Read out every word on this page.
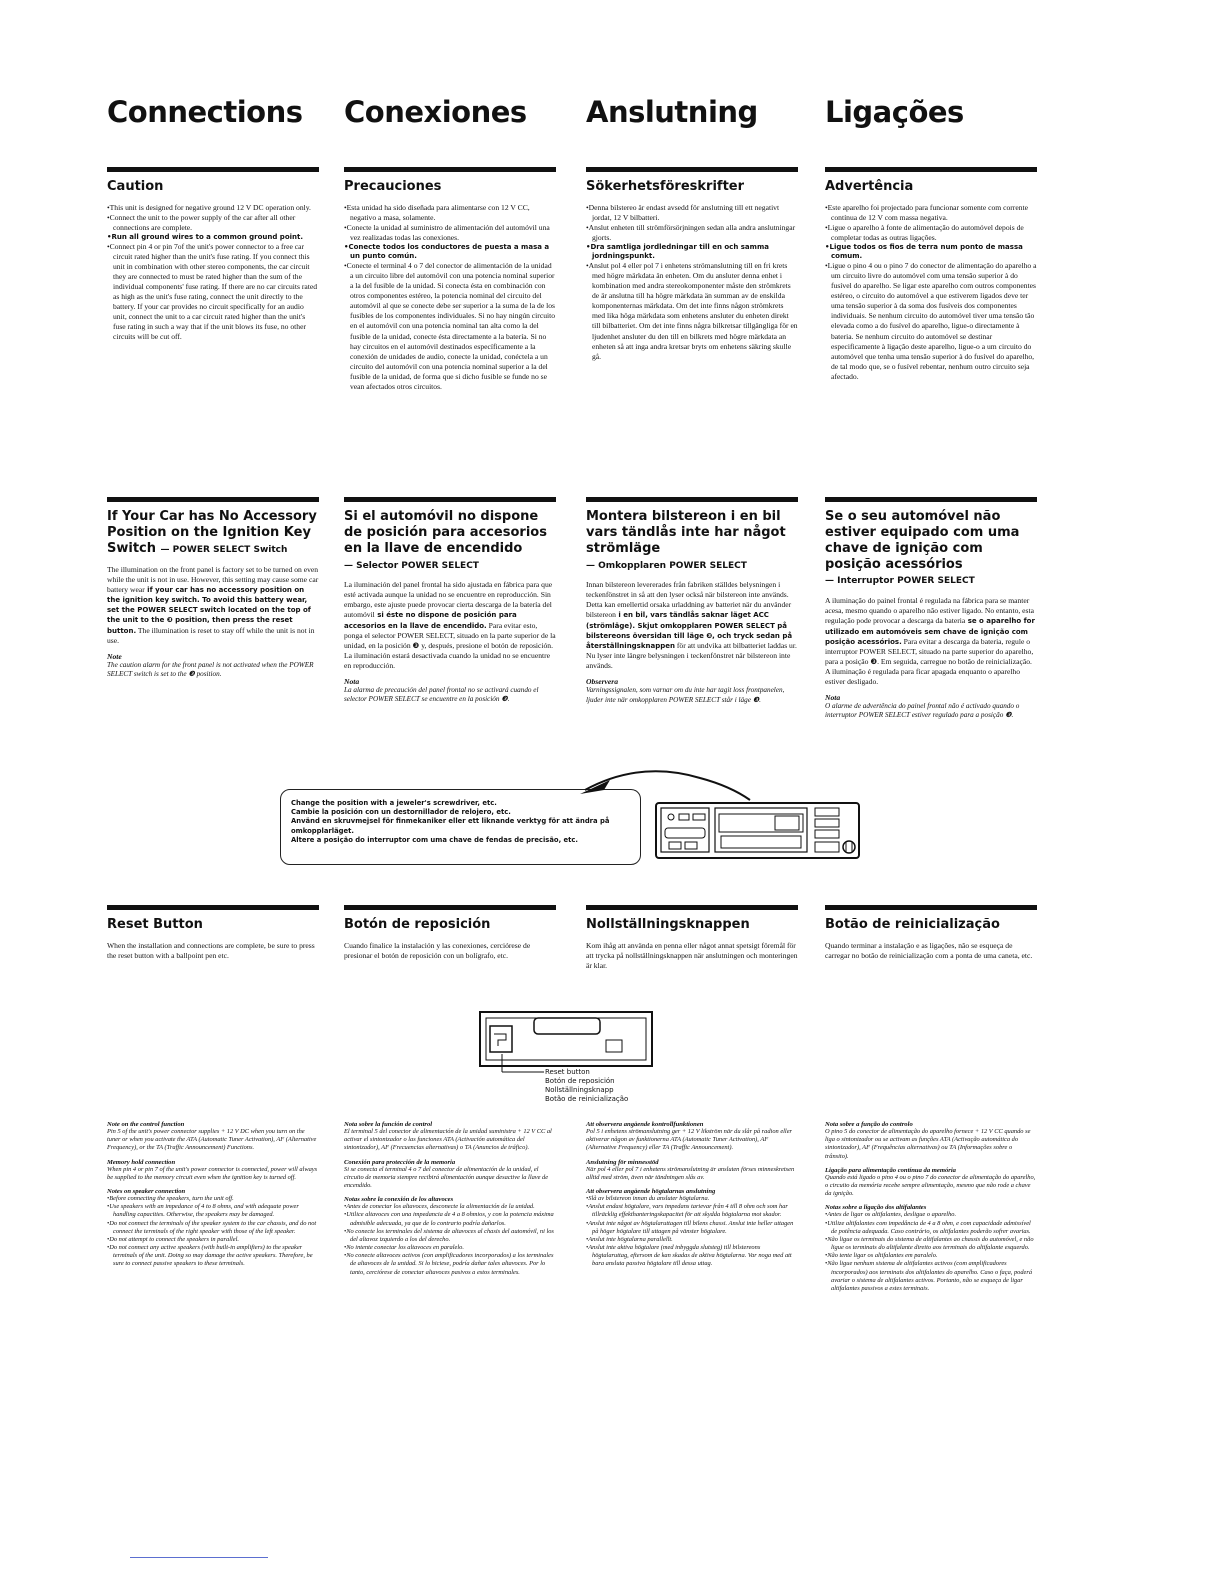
Connections Conexiones Anslutning Ligações
Caution
• This unit is designed for negative ground 12 V DC operation only.
• Connect the unit to the power supply of the car after all other connections are complete.
• Run all ground wires to a common ground point.
• Connect pin 4 or pin 7of the unit's power connector to a free car circuit rated higher than the unit's fuse rating. If you connect this unit in combination with other stereo components, the car circuit they are connected to must be rated higher than the sum of the individual components' fuse rating. If there are no car circuits rated as high as the unit's fuse rating, connect the unit directly to the battery. If your car provides no circuit specifically for an audio unit, connect the unit to a car circuit rated higher than the unit's fuse rating in such a way that if the unit blows its fuse, no other circuits will be cut off.
Precauciones
• Esta unidad ha sido diseñada para alimentarse con 12 V CC, negativo a masa, solamente.
• Conecte la unidad al suministro de alimentación del automóvil una vez realizadas todas las conexiones.
• Conecte todos los conductores de puesta a masa a un punto común.
• Conecte el terminal 4 o 7 del conector de alimentación de la unidad a un circuito libre del automóvil con una potencia nominal superior a la del fusible de la unidad. Si conecta ésta en combinación con otros componentes estéreo, la potencia nominal del circuito del automóvil al que se conecte debe ser superior a la suma de la de los fusibles de los componentes individuales. Si no hay ningún circuito en el automóvil con una potencia nominal tan alta como la del fusible de la unidad, conecte ésta directamente a la batería. Si no hay circuitos en el automóvil destinados específicamente a la conexión de unidades de audio, conecte la unidad, conéctela a un circuito del automóvil con una potencia nominal superior a la del fusible de la unidad, de forma que si dicho fusible se funde no se vean afectados otros circuitos.
Sökerhetsföreskrifter
• Denna bilstereo är endast avsedd för anslutning till ett negativt jordat, 12 V bilbatteri.
• Anslut enheten till strömförsörjningen sedan alla andra anslutningar gjorts.
• Dra samtliga jordledningar till en och samma jordningspunkt.
• Anslut pol 4 eller pol 7 i enhetens strömanslutning till en fri krets med högre märkdata än enheten. Om du ansluter denna enhet i kombination med andra stereokomponenter måste den strömkrets de är anslutna till ha högre märkdata än summan av de enskilda komponenternas märkdata. Om det inte finns någon strömkrets med lika höga märkdata som enhetens ansluter du enheten direkt till bilbatteriet. Om det inte finns några bilkretsar tillgängliga för en ljudenhet ansluter du den till en bilkrets med högre märkdata an enheten så att inga andra kretsar bryts om enhetens säkring skulle gå.
Advertência
• Este aparelho foi projectado para funcionar somente com corrente contínua de 12 V com massa negativa.
• Ligue o aparelho à fonte de alimentação do automóvel depois de completar todas as outras ligações.
• Ligue todos os fios de terra num ponto de massa comum.
• Ligue o pino 4 ou o pino 7 do conector de alimentação do aparelho a um circuito livre do automóvel com uma tensão superior à do fusível do aparelho. Se ligar este aparelho com outros componentes estéreo, o circuito do automóvel a que estiverem ligados deve ter uma tensão superior à da soma dos fusíveis dos componentes individuais. Se nenhum circuito do automóvel tiver uma tensão tão elevada como a do fusível do aparelho, ligue-o directamente à bateria. Se nenhum circuito do automóvel se destinar especificamente à ligação deste aparelho, ligue-o a um circuito do automóvel que tenha uma tensão superior à do fusível do aparelho, de tal modo que, se o fusível rebentar, nenhum outro circuito seja afectado.
If Your Car has No Accessory Position on the Ignition Key Switch — POWER SELECT Switch

The illumination on the front panel is factory set to be turned on even while the unit is not in use. However, this setting may cause some car battery wear if your car has no accessory position on the ignition key switch. To avoid this battery wear, set the POWER SELECT switch located on the top of the unit to the ❸ position, then press the reset button. The illumination is reset to stay off while the unit is not in use.

Note
The caution alarm for the front panel is not activated when the POWER SELECT switch is set to the ❸ position.
Si el automóvil no dispone de posición para accesorios en la llave de encendido
— Selector POWER SELECT

La iluminación del panel frontal ha sido ajustada en fábrica para que esté activada aunque la unidad no se encuentre en reproducción. Sin embargo, este ajuste puede provocar cierta descarga de la batería del automóvil si éste no dispone de posición para accesorios en la llave de encendido. Para evitar esto, ponga el selector POWER SELECT, situado en la parte superior de la unidad, en la posición ❸ y, después, presione el botón de reposición. La iluminación estará desactivada cuando la unidad no se encuentre en reproducción.

Nota
La alarma de precaución del panel frontal no se activará cuando el selector POWER SELECT se encuentre en la posición ❸.
Montera bilstereon i en bil vars tändlås inte har något strömläge
— Omkopplaren POWER SELECT

Innan bilstereon levererades från fabriken ställdes belysningen i teckenfönstret in så att den lyser också när bilstereon inte används. Detta kan emellertid orsaka urladdning av batteriet när du använder bilstereon i en bil, vars tändlås saknar läget ACC (strömläge). Skjut omkopplaren POWER SELECT på bilstereons översidan till läge ❸, och tryck sedan på återställningsknappen för att undvika att bilbatteriet laddas ur. Nu lyser inte längre belysningen i teckenfönstret när bilstereon inte används.

Observera
Varningssignalen, som varnar om du inte har tagit loss frontpanelen, ljuder inte när omkopplaren POWER SELECT står i läge ❸.
Se o seu automóvel não estiver equipado com uma chave de ignição com posição acessórios
— Interruptor POWER SELECT

A iluminação do painel frontal é regulada na fábrica para se manter acesa, mesmo quando o aparelho não estiver ligado. No entanto, esta regulação pode provocar a descarga da bateria se o aparelho for utilizado em automóveis sem chave de ignição com posição acessórios. Para evitar a descarga da bateria, regule o interruptor POWER SELECT, situado na parte superior do aparelho, para a posição ❸. Em seguida, carregue no botão de reinicialização. A iluminação é regulada para ficar apagada enquanto o aparelho estiver desligado.

Nota
O alarme de advertência do painel frontal não é activado quando o interruptor POWER SELECT estiver regulado para a posição ❸.

Change the position with a jeweler's screwdriver, etc.

Cambie la posición con un destornillador de relojero, etc.

Använd en skruvmejsel för finmekaniker eller ett liknande verktyg för att ändra på omkopplarläget.

Altere a posição do interruptor com uma chave de fendas de precisão, etc.

Reset Button

When the installation and connections are complete, be sure to press the reset button with a ballpoint pen etc.

Botón de reposición

Cuando finalice la instalación y las conexiones, cerciórese de presionar el botón de reposición con un bolígrafo, etc.

Nollställningsknappen

Kom ihåg att använda en penna eller något annat spetsigt föremål för att trycka på nollställningsknappen när anslutningen och monteringen är klar.

Botão de reinicialização

Quando terminar a instalação e as ligações, não se esqueça de carregar no botão de reinicialização com a ponta de uma caneta, etc.

Reset button

Botón de reposición

Nollställningsknapp

Botão de reinicialização

Note on the control function

Pin 5 of the unit's power connector supplies + 12 V DC when you turn on the tuner or when you activate the ATA (Automatic Tuner Activation), AF (Alternative Frequency), or the TA (Traffic Announcement) Functions.

Memory hold connection

When pin 4 or pin 7 of the unit's power connector is connected, power will always be supplied to the memory circuit even when the ignition key is turned off.

Notes on speaker connection
• Before connecting the speakers, turn the unit off.
• Use speakers with an impedance of 4 to 8 ohms, and with adequate power handling capacities. Otherwise, the speakers may be damaged.
• Do not connect the terminals of the speaker system to the car chassis, and do not connect the terminals of the right speaker with those of the left speaker.
• Do not attempt to connect the speakers in parallel.
• Do not connect any active speakers (with built-in amplifiers) to the speaker terminals of the unit. Doing so may damage the active speakers. Therefore, be sure to connect passive speakers to these terminals.
Nota sobre la función de control

El terminal 5 del conector de alimentación de la unidad suministra + 12 V CC al activar el sintonizador o las funciones ATA (Activación automática del sintonizador), AF (Frecuencias alternativas) o TA (Anuncios de tráfico).

Conexión para protección de la memoria

Si se conecta el terminal 4 o 7 del conector de alimentación de la unidad, el circuito de memoria siempre recibirá alimentación aunque desactive la llave de encendido.

Notas sobre la conexión de los altavoces
• Antes de conectar los altavoces, desconecte la alimentación de la unidad.
• Utilice altavoces con una impedancia de 4 a 8 ohmios, y con la potencia máxima admisible adecuada, ya que de lo contrario podría dañarlos.
• No conecte los terminales del sistema de altavoces al chasis del automóvil, ni los del altavoz izquierdo a los del derecho.
• No intente conectar los altavoces en paralelo.
• No conecte altavoces activos (con amplificadores incorporados) a los terminales de altavoces de la unidad. Si lo hiciese, podría dañar tales altavoces. Por lo tanto, cerciórese de conectar altavoces pasivos a estos terminales.
Att observera angående kontrollfunktionen

Pol 5 i enhetens strömanslutning ger + 12 V likström när du slår på radion eller aktiverar någon av funktionerna ATA (Automatic Tuner Activation), AF (Alternative Frequency) eller TA (Traffic Announcement).

Anslutning för minnesstöd

När pol 4 eller pol 7 i enhetens strömanslutning är ansluten förses minneskretsen alltid med ström, även när tändningen slås av.

Att observera angående högtalarnas anslutning
• Slå av bilstereon innan du ansluter högtalarna.
• Anslut endast högtalare, vars impedans tarievar från 4 till 8 ohm och som har tillräcklig effekthanteringskapacitet för att skydda högtalarna mot skador.
• Anslut inte något av högtalaruttagen till bilens chassi. Anslut inte heller uttagen på höger högtalare till uttagen på vänster högtalare.
• Anslut inte högtalarna parallellt.
• Anslut inte aktiva högtalare (med inbyggda slutsteg) till bilstereons högtalaruttag, eftersom de kan skadas de aktiva högtalarna. Var noga med att bara ansluta passiva högtalare till dessa uttag.
Nota sobre a função do controlo

O pino 5 do conector de alimentação do aparelho fornece + 12 V CC quando se liga o sintonizador ou se activam as funções ATA (Activação automática do sintonizador), AF (Frequências alternativas) ou TA (Informações sobre o trânsito).

Ligação para alimentação contínua da memória

Quando está ligado o pino 4 ou o pino 7 do conector de alimentação do aparelho, o circuito da memória recebe sempre alimentação, mesmo que não rode a chave da ignição.

Notas sobre a ligação dos altifalantes
• Antes de ligar os altifalantes, desligue o aparelho.
• Utilize altifalantes com impedância de 4 a 8 ohm, e com capacidade admissível de potência adequada. Caso contrário, os altifalantes poderão sofrer avarias.
• Não ligue os terminais do sistema de altifalantes ao chassis do automóvel, e não ligue os terminais do altifalante direito aos terminais do altifalante esquerdo.
• Não tente ligar os altifalantes em paralelo.
• Não ligue nenhum sistema de altifalantes activos (com amplificadores incorporados) aos terminais dos altifalantes do aparelho. Caso o faça, poderá avariar o sistema de altifalantes activos. Portanto, não se esqueça de ligar altifalantes passivos a estes terminais.
